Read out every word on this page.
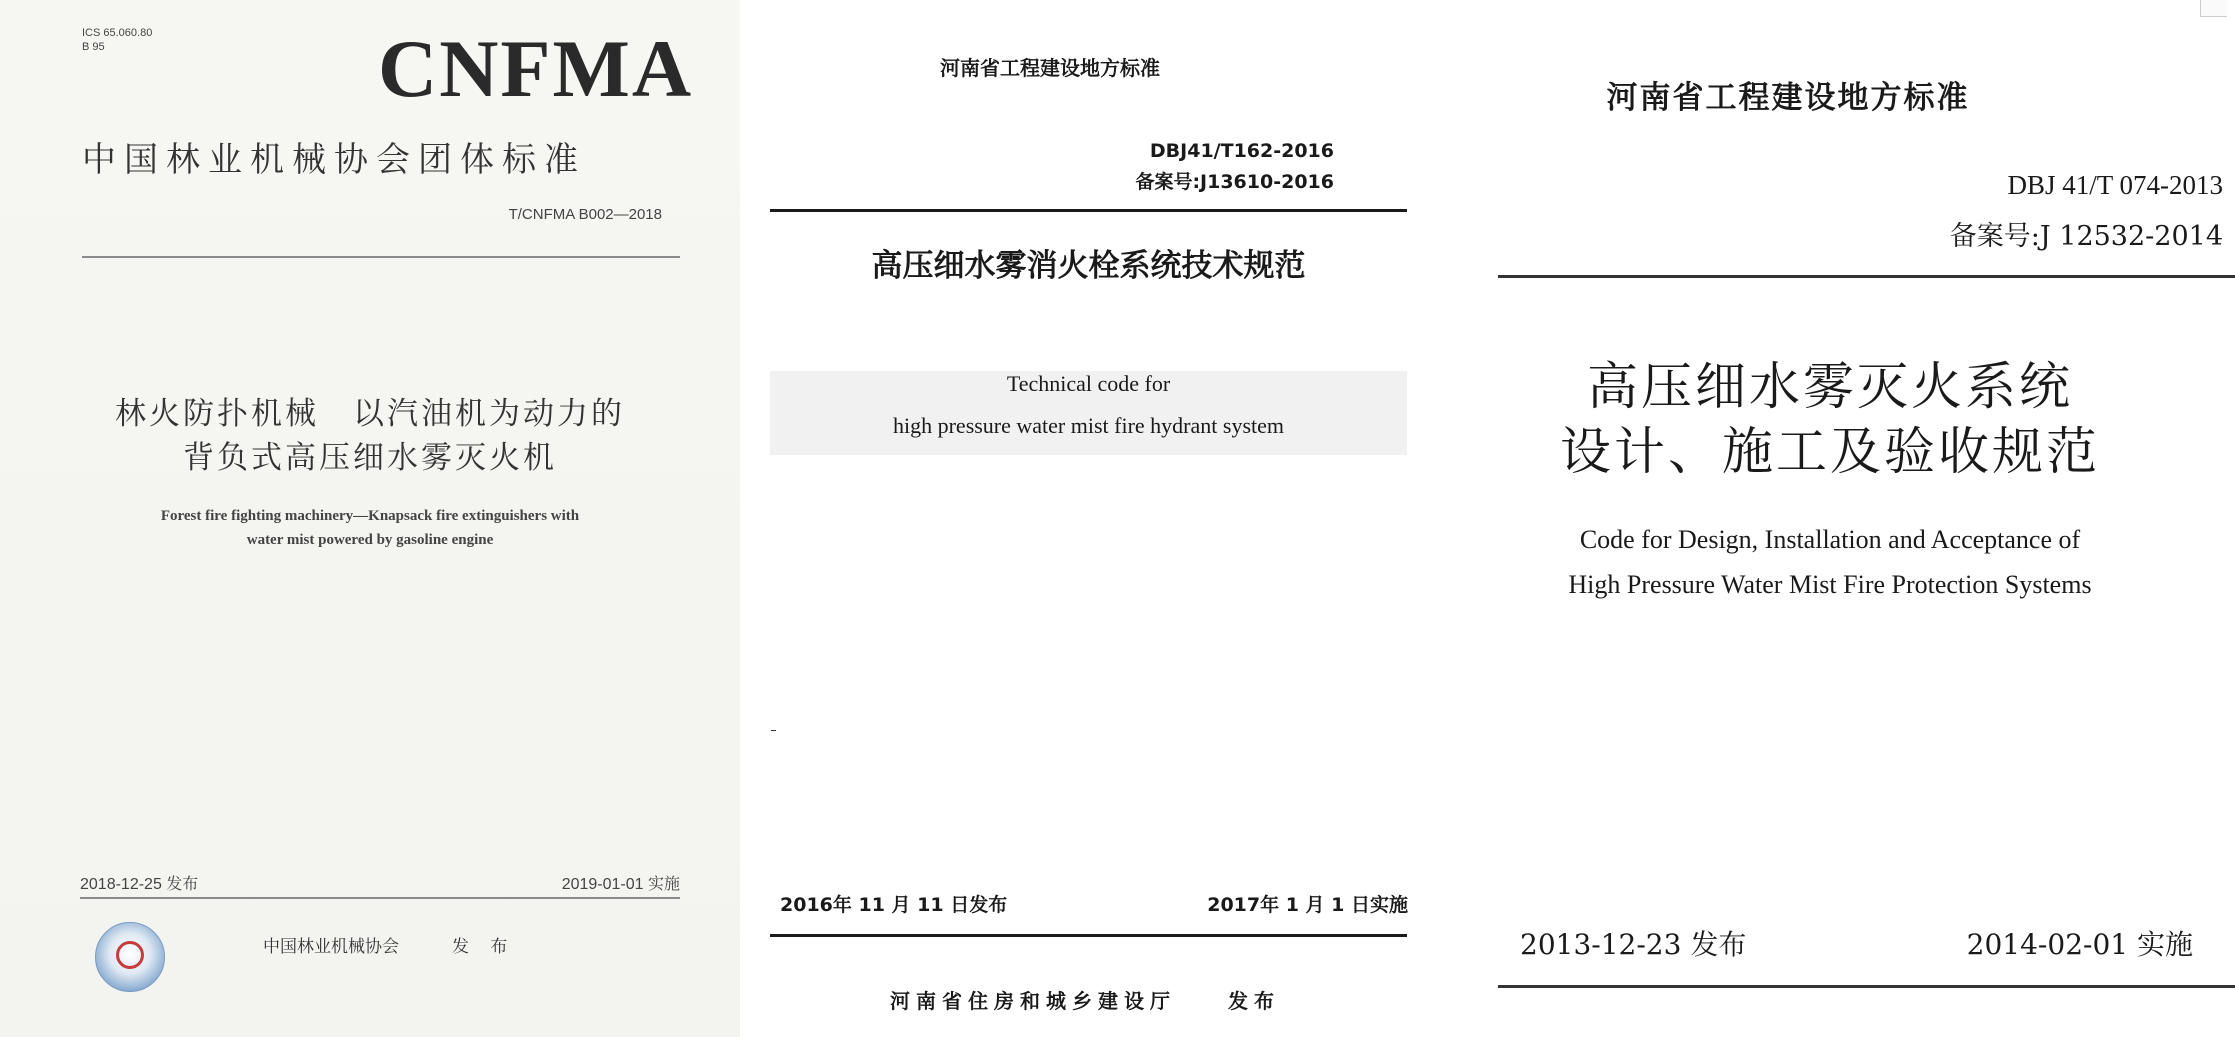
ICS 65.060.80
B 95	CNFMA
中国林业机械协会团体标准
T/CNFMA B002—2018
林火防扑机械　以汽油机为动力的
背负式高压细水雾灭火机
Forest fire fighting machinery—Knapsack fire extinguishers with
water mist powered by gasoline engine
2018-12-25 发布	2019-01-01 实施
中国林业机械协会	发 布
河南省工程建设地方标准
DBJ41/T162-2016
备案号:J13610-2016
高压细水雾消火栓系统技术规范
Technical code for
high pressure water mist fire hydrant system
2016年 11 月 11 日发布	2017年 1 月 1 日实施
河南省住房和城乡建设厅　　发布
河南省工程建设地方标准
DBJ 41/T 074-2013
备案号:J 12532-2014
高压细水雾灭火系统
设计、施工及验收规范
Code for Design, Installation and Acceptance of
High Pressure Water Mist Fire Protection Systems
2013-12-23 发布	2014-02-01 实施
